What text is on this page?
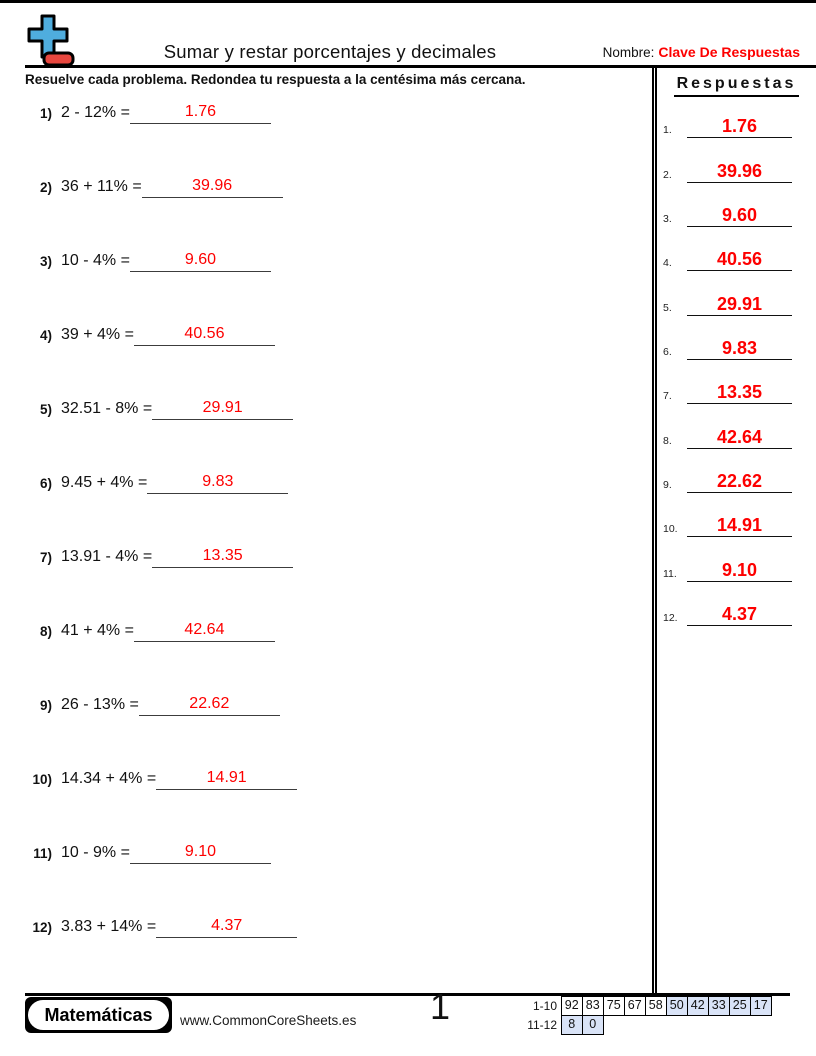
Sumar y restar porcentajes y decimales	Nombre: Clave De Respuestas
Resuelve cada problema. Redondea tu respuesta a la centésima más cercana.	Respuestas
1.	1.76
2.	39.96
3.	9.60
4.	40.56
5.	29.91
6.	9.83
7.	13.35
8.	42.64
9.	22.62
10.	14.91
11.	9.10
12.	4.37
1) 2 - 12% =	1.76
2) 36 + 11% =	39.96
3) 10 - 4% =	9.60
4) 39 + 4% =	40.56
5) 32.51 - 8% =	29.91
6) 9.45 + 4% =	9.83
7) 13.91 - 4% =	13.35
8) 41 + 4% =	42.64
9) 26 - 13% =	22.62
10) 14.34 + 4% =	14.91
11) 10 - 9% =	9.10
12) 3.83 + 14% =	4.37
Matemáticas	www.CommonCoreSheets.es	1	1-10 92 83 75 67 58 50 42 33 25 17
11-12 8	0
